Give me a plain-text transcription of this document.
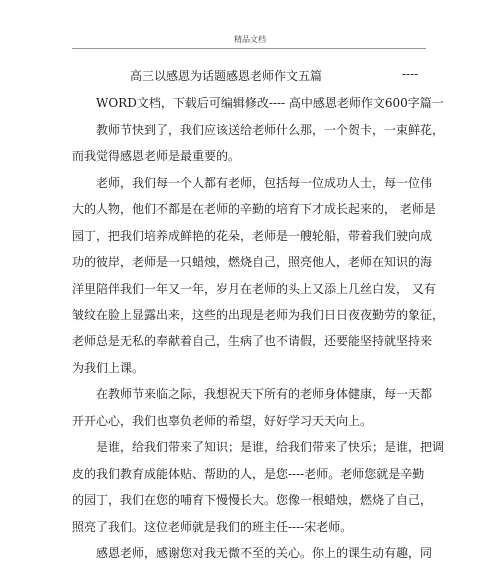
精品文档
高三以感恩为话题感恩老师作文五篇	----
WORD文档，下载后可编辑修改---- 高中感恩老师作文600字篇一
教师节快到了，我们应该送给老师什么那，一个贺卡，一束鲜花，
而我觉得感恩老师是最重要的。
老师，我们每一个人都有老师，包括每一位成功人士，每一位伟
大的人物，他们不都是在老师的辛勤的培育下才成长起来的， 老师是
园丁，把我们培养成鲜艳的花朵，老师是一艘轮船，带着我们驶向成
功的彼岸，老师是一只蜡烛，燃烧自己，照亮他人，老师在知识的海
洋里陪伴我们一年又一年，岁月在老师的头上又添上几丝白发， 又有
皱纹在脸上显露出来，这些的出现是老师为我们日日夜夜勤劳的象征，
老师总是无私的奉献着自己，生病了也不请假，还要能坚持就坚持来
为我们上课。
在教师节来临之际，我想祝天下所有的老师身体健康，每一天都
开开心心，我们也辜负老师的希望，好好学习天天向上。
是谁，给我们带来了知识；是谁，给我们带来了快乐；是谁，把调
皮的我们教育成能体贴、帮助的人，是您----老师。老师您就是辛勤
的园丁，我们在您的哺育下慢慢长大。您像一根蜡烛，燃烧了自己，
照亮了我们。这位老师就是我们的班主任----宋老师。
感恩老师，感谢您对我无微不至的关心。你上的课生动有趣，同
